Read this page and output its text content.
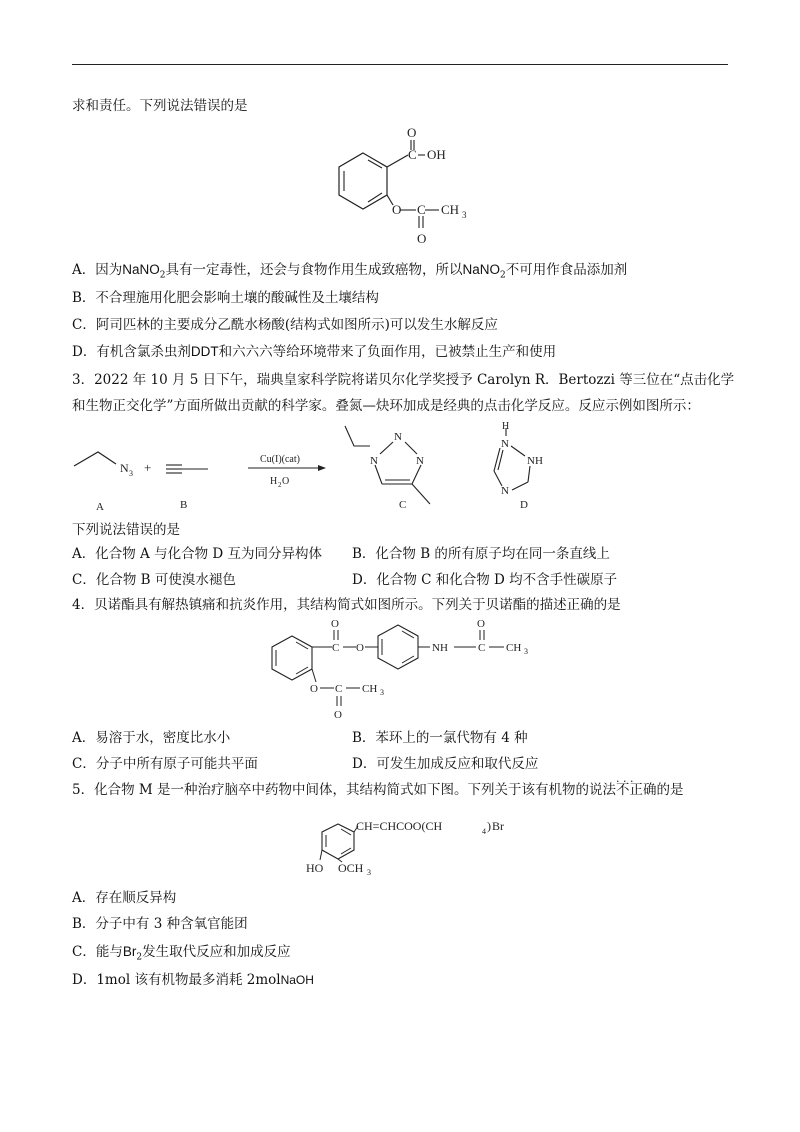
求和责任。下列说法错误的是
O
C OH
O C CH 3
O
A．因为NaNO$_2$具有一定毒性，还会与食物作用生成致癌物，所以NaNO$_2$不可用作食品添加剂
B．不合理施用化肥会影响土壤的酸碱性及土壤结构
C．阿司匹林的主要成分乙酰水杨酸(结构式如图所示)可以发生水解反应
D．有机含氯杀虫剂DDT和六六六等给环境带来了负面作用，已被禁止生产和使用
3．2022 年 10 月 5 日下午，瑞典皇家科学院将诺贝尔化学奖授予 Carolyn R．Bertozzi 等三位在“点击化学
和生物正交化学”方面所做出贡献的科学家。叠氮—炔环加成是经典的点击化学反应。反应示例如图所示：
N 3 +
Cu(I)(cat)
H 2 O
N
N
N
H
N
NH
N
A	B	C	D
下列说法错误的是
A．化合物 A 与化合物 D 互为同分异构体 B．化合物 B 的所有原子均在同一条直线上
C．化合物 B 可使溴水褪色	D．化合物 C 和化合物 D 均不含手性碳原子
4．贝诺酯具有解热镇痛和抗炎作用，其结构简式如图所示。下列关于贝诺酯的描述正确的是
O
C O	NH	C
O
CH 3
O C CH 3
O
A．易溶于水，密度比水小	B．苯环上的一氯代物有 4 种
C．分子中所有原子可能共平面	D．可发生加成反应和取代反应
5．化合物 M 是一种治疗脑卒中药物中间体，其结构简式如下图。下列关于该有机物的说法· · · 不正确的是
CH=CHCOO(CH	4 ) Br
HO OCH 3
A．存在顺反异构
B．分子中有 3 种含氧官能团
C．能与$Br_2$发生取代反应和加成反应
D．1mol 该有机物最多消耗 2molNaOH
